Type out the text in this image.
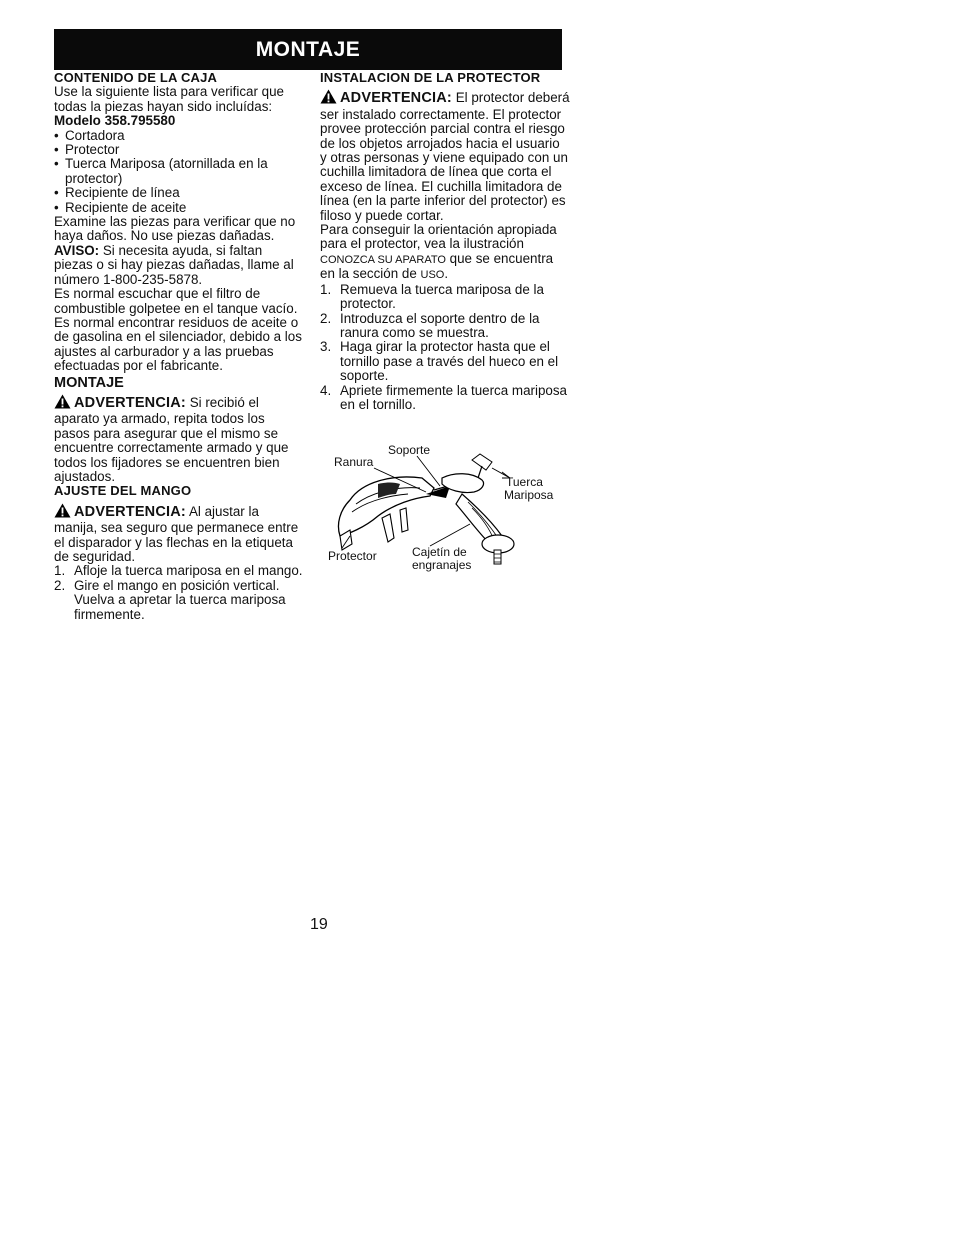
MONTAJE
CONTENIDO DE LA CAJA

Use la siguiente lista para verificar que todas la piezas hayan sido incluídas:

Modelo 358.795580

• Cortadora
• Protector
• Tuerca Mariposa (atornillada en la protector)
• Recipiente de línea
• Recipiente de aceite

Examine las piezas para verificar que no haya daños. No use piezas dañadas.

AVISO: Si necesita ayuda, si faltan piezas o si hay piezas dañadas, llame al número 1-800-235-5878.

Es normal escuchar que el filtro de combustible golpetee en el tanque vacío.

Es normal encontrar residuos de aceite o de gasolina en el silenciador, debido a los ajustes al carburador y a las pruebas efectuadas por el fabricante.

MONTAJE

ADVERTENCIA: Si recibió el aparato ya armado, repita todos los pasos para asegurar que el mismo se encuentre correctamente armado y que todos los fijadores se encuentren bien ajustados.

AJUSTE DEL MANGO

ADVERTENCIA: Al ajustar la manija, sea seguro que permanece entre el disparador y las flechas en la etiqueta de seguridad.

1. Afloje la tuerca mariposa en el mango.
2. Gire el mango en posición vertical. Vuelva a apretar la tuerca mariposa firmemente.
INSTALACION DE LA PROTECTOR

ADVERTENCIA: El protector deberá ser instalado correctamente. El protector provee protección parcial contra el riesgo de los objetos arrojados hacia el usuario y otras personas y viene equipado con un cuchilla limitadora de línea que corta el exceso de línea. El cuchilla limitadora de línea (en la parte inferior del protector) es filoso y puede cortar.

Para conseguir la orientación apropiada para el protector, vea la ilustración CONOZCA SU APARATO que se encuentra en la sección de USO.

1. Remueva la tuerca mariposa de la protector.
2. Introduzca el soporte dentro de la ranura como se muestra.
3. Haga girar la protector hasta que el tornillo pase a través del hueco en el soporte.
4. Apriete firmemente la tuerca mariposa en el tornillo.
Soporte
Ranura
Tuerca
Mariposa
Protector	Cajetín de
engranajes
19
